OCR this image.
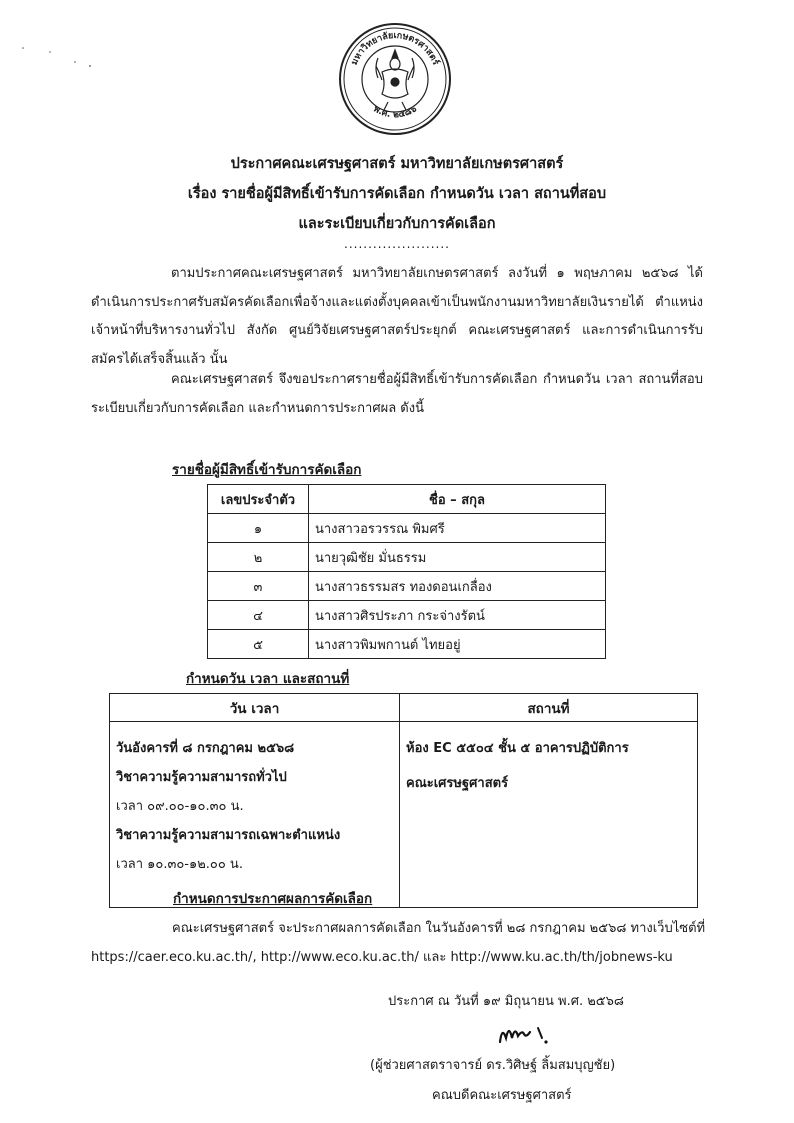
มหาวิทยาลัยเกษตรศาสตร์
พ.ศ. ๒๔๘๖
ประกาศคณะเศรษฐศาสตร์ มหาวิทยาลัยเกษตรศาสตร์
เรื่อง รายชื่อผู้มีสิทธิ์เข้ารับการคัดเลือก กำหนดวัน เวลา สถานที่สอบ
และระเบียบเกี่ยวกับการคัดเลือก
......................
ตามประกาศคณะเศรษฐศาสตร์ มหาวิทยาลัยเกษตรศาสตร์ ลงวันที่ ๑ พฤษภาคม ๒๕๖๘ ได้ดำเนินการประกาศรับสมัครคัดเลือกเพื่อจ้างและแต่งตั้งบุคคลเข้าเป็นพนักงานมหาวิทยาลัยเงินรายได้ ตำแหน่ง เจ้าหน้าที่บริหารงานทั่วไป สังกัด ศูนย์วิจัยเศรษฐศาสตร์ประยุกต์ คณะเศรษฐศาสตร์ และการดำเนินการรับสมัครได้เสร็จสิ้นแล้ว นั้น
คณะเศรษฐศาสตร์ จึงขอประกาศรายชื่อผู้มีสิทธิ์เข้ารับการคัดเลือก กำหนดวัน เวลา สถานที่สอบ ระเบียบเกี่ยวกับการคัดเลือก และกำหนดการประกาศผล ดังนี้
รายชื่อผู้มีสิทธิ์เข้ารับการคัดเลือก
เลขประจำตัว	ชื่อ – สกุล
๑	นางสาวอรวรรณ พิมศรี
๒	นายวุฒิชัย มั่นธรรม
๓	นางสาวธรรมสร ทองดอนเกลื่อง
๔	นางสาวศิรประภา กระจ่างรัตน์
๕	นางสาวพิมพกานต์ ไทยอยู่
กำหนดวัน เวลา และสถานที่
วัน เวลา	สถานที่

วันอังคารที่ ๘ กรกฎาคม ๒๕๖๘
วิชาความรู้ความสามารถทั่วไป
เวลา ๐๙.๐๐-๑๐.๓๐ น.
วิชาความรู้ความสามารถเฉพาะตำแหน่ง
เวลา ๑๐.๓๐-๑๒.๐๐ น.	ห้อง EC ๕๕๐๔ ชั้น ๕ อาคารปฏิบัติการ
คณะเศรษฐศาสตร์
กำหนดการประกาศผลการคัดเลือก
คณะเศรษฐศาสตร์ จะประกาศผลการคัดเลือก ในวันอังคารที่ ๒๘ กรกฎาคม ๒๕๖๘ ทางเว็บไซต์ที่
https://caer.eco.ku.ac.th/, http://www.eco.ku.ac.th/ และ http://www.ku.ac.th/th/jobnews-ku
ประกาศ ณ วันที่ ๑๙ มิถุนายน พ.ศ. ๒๕๖๘
(ผู้ช่วยศาสตราจารย์ ดร.วิศิษฐ์ ลิ้มสมบุญชัย)
คณบดีคณะเศรษฐศาสตร์
